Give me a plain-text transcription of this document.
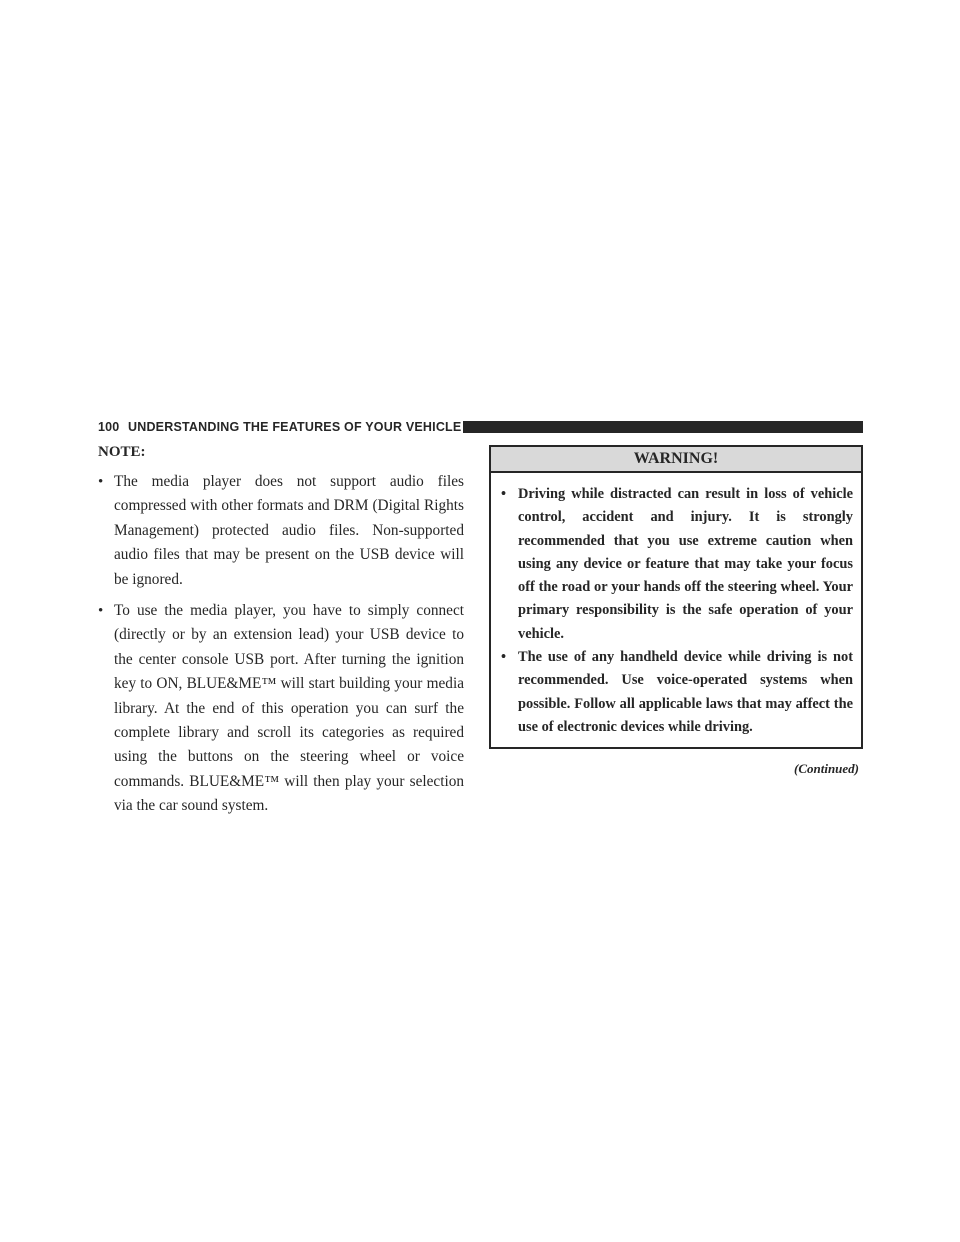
100 UNDERSTANDING THE FEATURES OF YOUR VEHICLE
NOTE:
• The media player does not support audio files compressed with other formats and DRM (Digital Rights Management) protected audio files. Non-supported audio files that may be present on the USB device will be ignored.
• To use the media player, you have to simply connect (directly or by an extension lead) your USB device to the center console USB port. After turning the ignition key to ON, BLUE&ME™ will start building your media library. At the end of this operation you can surf the complete library and scroll its categories as required using the buttons on the steering wheel or voice commands. BLUE&ME™ will then play your selection via the car sound system.
WARNING!
• Driving while distracted can result in loss of vehicle control, accident and injury. It is strongly recommended that you use extreme caution when using any device or feature that may take your focus off the road or your hands off the steering wheel. Your primary responsibility is the safe operation of your vehicle.
• The use of any handheld device while driving is not recommended. Use voice-operated systems when possible. Follow all applicable laws that may affect the use of electronic devices while driving.
(Continued)
